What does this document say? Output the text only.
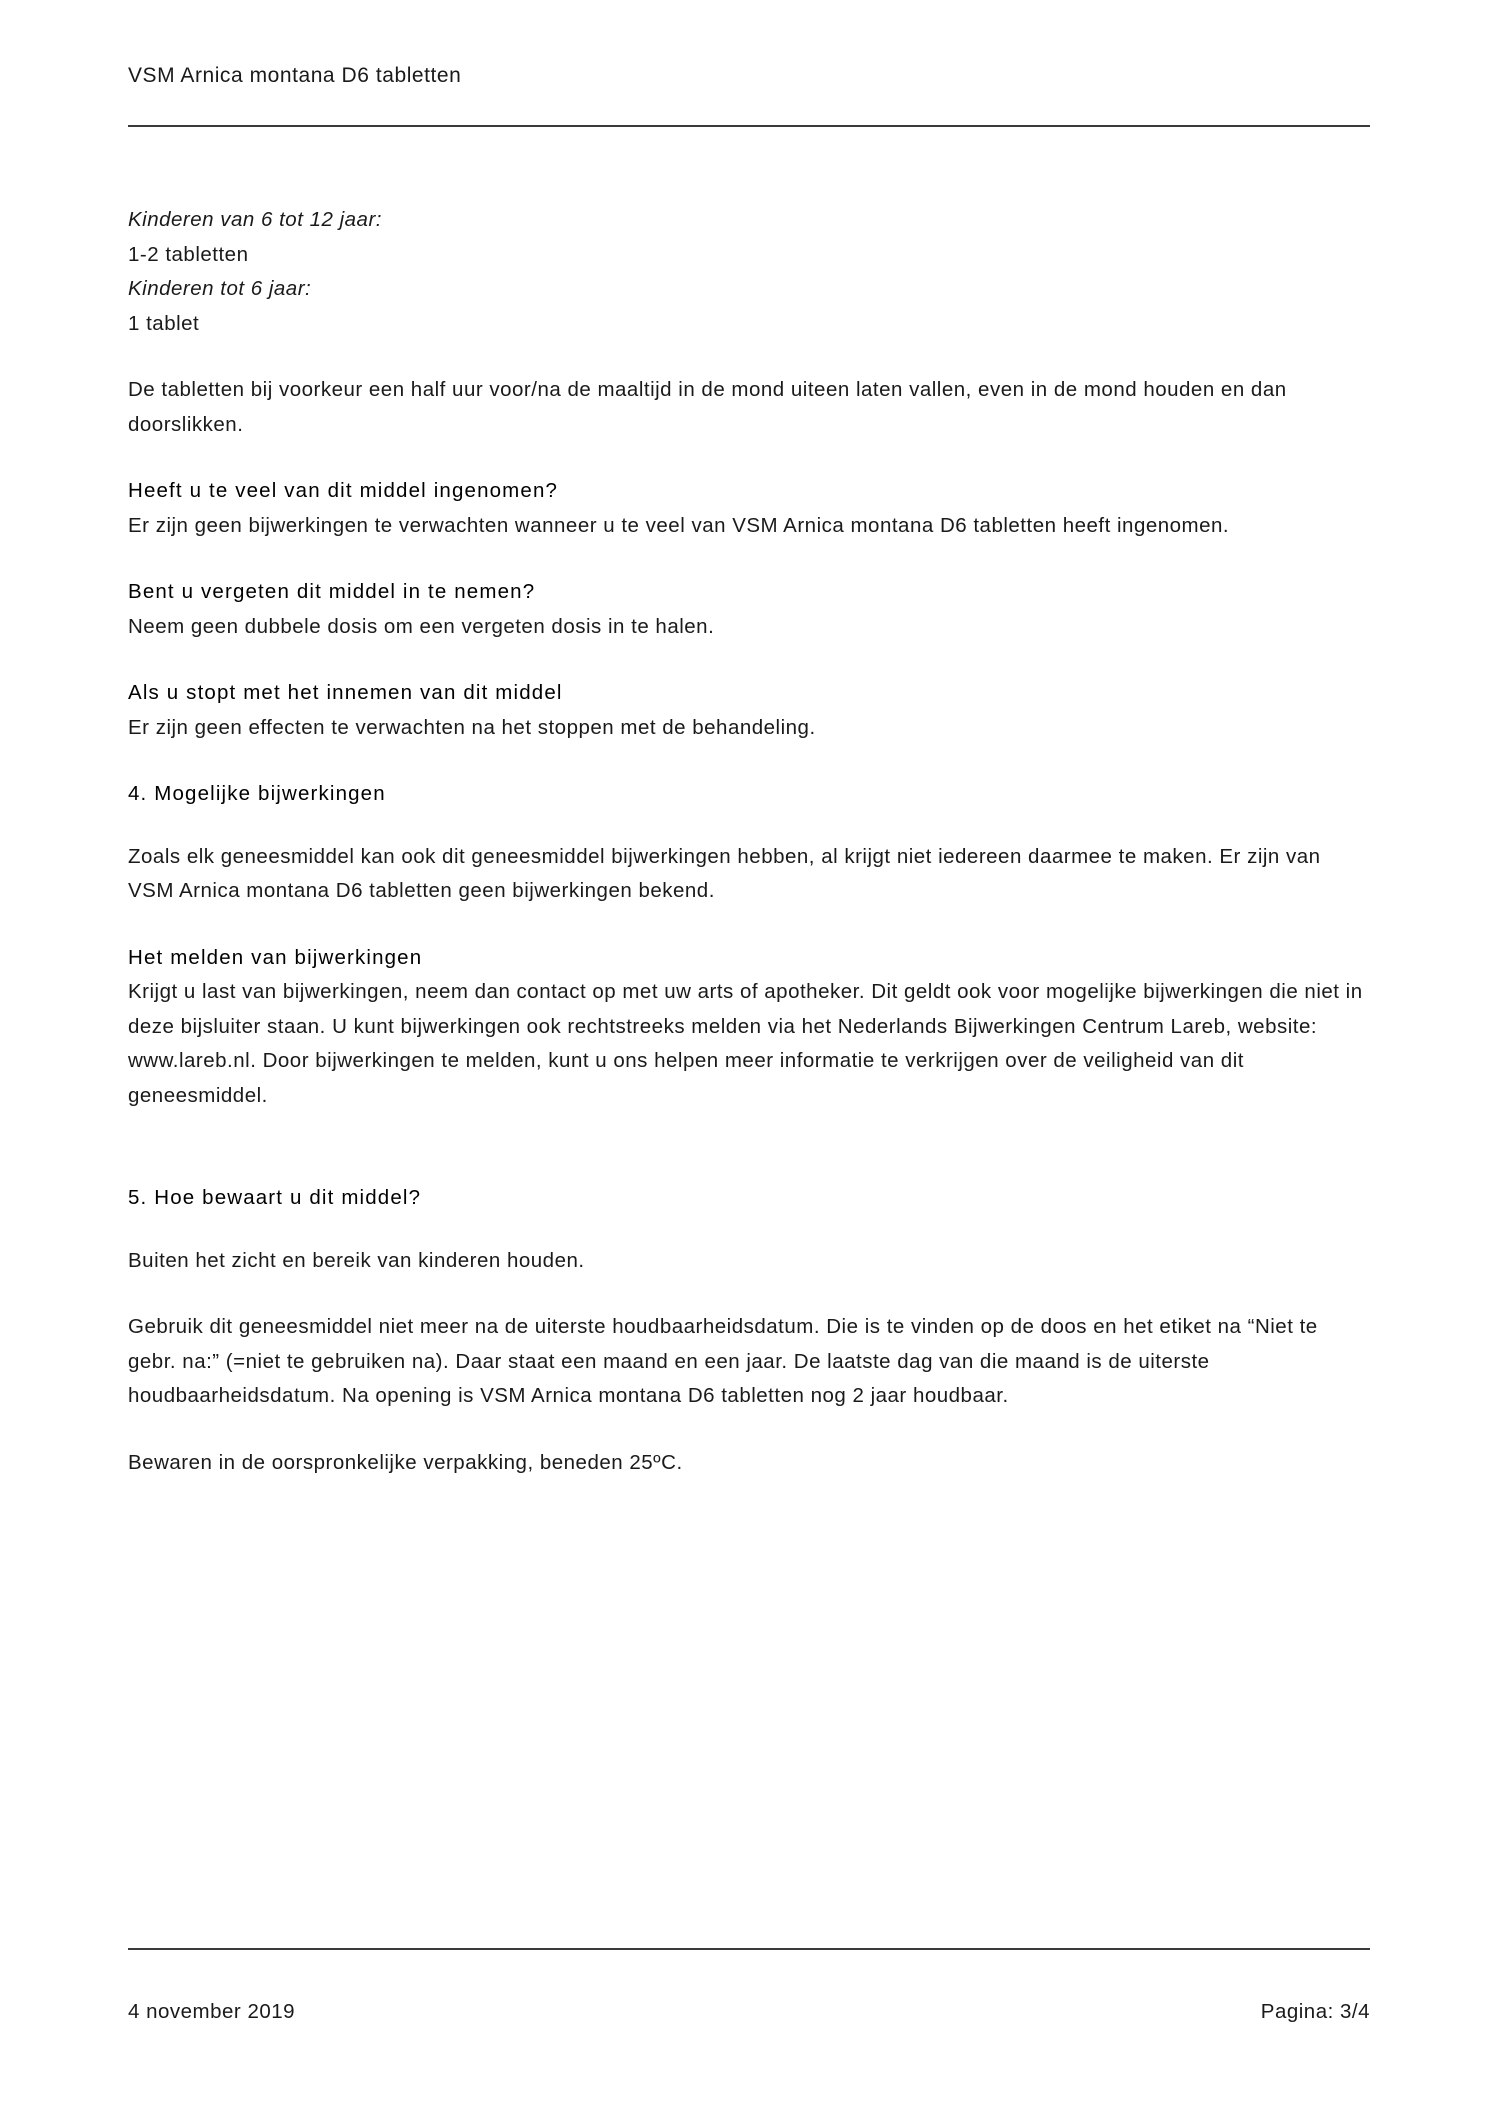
VSM Arnica montana D6 tabletten
Kinderen van 6 tot 12 jaar:
1-2 tabletten
Kinderen tot 6 jaar:
1 tablet

De tabletten bij voorkeur een half uur voor/na de maaltijd in de mond uiteen laten vallen, even in de mond houden en dan doorslikken.

Heeft u te veel van dit middel ingenomen?

Er zijn geen bijwerkingen te verwachten wanneer u te veel van VSM Arnica montana D6 tabletten heeft ingenomen.

Bent u vergeten dit middel in te nemen?

Neem geen dubbele dosis om een vergeten dosis in te halen.

Als u stopt met het innemen van dit middel

Er zijn geen effecten te verwachten na het stoppen met de behandeling.

4. Mogelijke bijwerkingen

Zoals elk geneesmiddel kan ook dit geneesmiddel bijwerkingen hebben, al krijgt niet iedereen daarmee te maken. Er zijn van VSM Arnica montana D6 tabletten geen bijwerkingen bekend.

Het melden van bijwerkingen

Krijgt u last van bijwerkingen, neem dan contact op met uw arts of apotheker. Dit geldt ook voor mogelijke bijwerkingen die niet in deze bijsluiter staan. U kunt bijwerkingen ook rechtstreeks melden via het Nederlands Bijwerkingen Centrum Lareb, website: www.lareb.nl. Door bijwerkingen te melden, kunt u ons helpen meer informatie te verkrijgen over de veiligheid van dit geneesmiddel.

5. Hoe bewaart u dit middel?

Buiten het zicht en bereik van kinderen houden.

Gebruik dit geneesmiddel niet meer na de uiterste houdbaarheidsdatum. Die is te vinden op de doos en het etiket na “Niet te gebr. na:” (=niet te gebruiken na). Daar staat een maand en een jaar. De laatste dag van die maand is de uiterste houdbaarheidsdatum. Na opening is VSM Arnica montana D6 tabletten nog 2 jaar houdbaar.

Bewaren in de oorspronkelijke verpakking, beneden 25ºC.

4 november 2019	Pagina: 3/4
